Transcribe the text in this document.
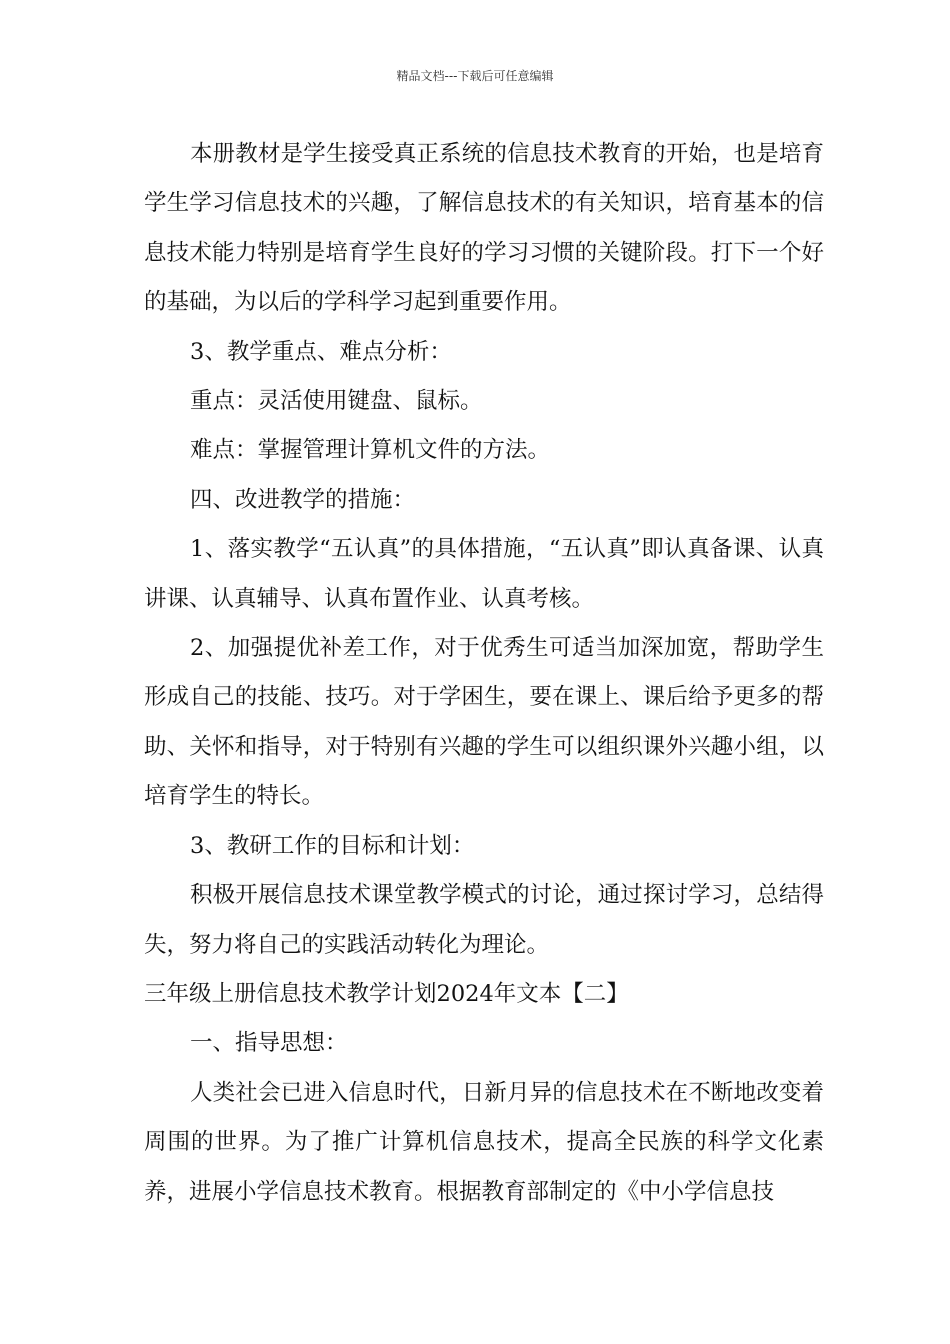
精品文档---下载后可任意编辑

本册教材是学生接受真正系统的信息技术教育的开始，也是培育学生学习信息技术的兴趣，了解信息技术的有关知识，培育基本的信息技术能力特别是培育学生良好的学习习惯的关键阶段。打下一个好的基础，为以后的学科学习起到重要作用。

3、教学重点、难点分析：

重点：灵活使用键盘、鼠标。

难点：掌握管理计算机文件的方法。

四、改进教学的措施：

1、落实教学“五认真”的具体措施，“五认真”即认真备课、认真讲课、认真辅导、认真布置作业、认真考核。

2、加强提优补差工作，对于优秀生可适当加深加宽，帮助学生形成自己的技能、技巧。对于学困生，要在课上、课后给予更多的帮助、关怀和指导，对于特别有兴趣的学生可以组织课外兴趣小组，以培育学生的特长。

3、教研工作的目标和计划：

积极开展信息技术课堂教学模式的讨论，通过探讨学习，总结得失，努力将自己的实践活动转化为理论。

三年级上册信息技术教学计划2024年文本【二】

一、指导思想：

人类社会已进入信息时代，日新月异的信息技术在不断地改变着周围的世界。为了推广计算机信息技术，提高全民族的科学文化素养，进展小学信息技术教育。根据教育部制定的《中小学信息技
